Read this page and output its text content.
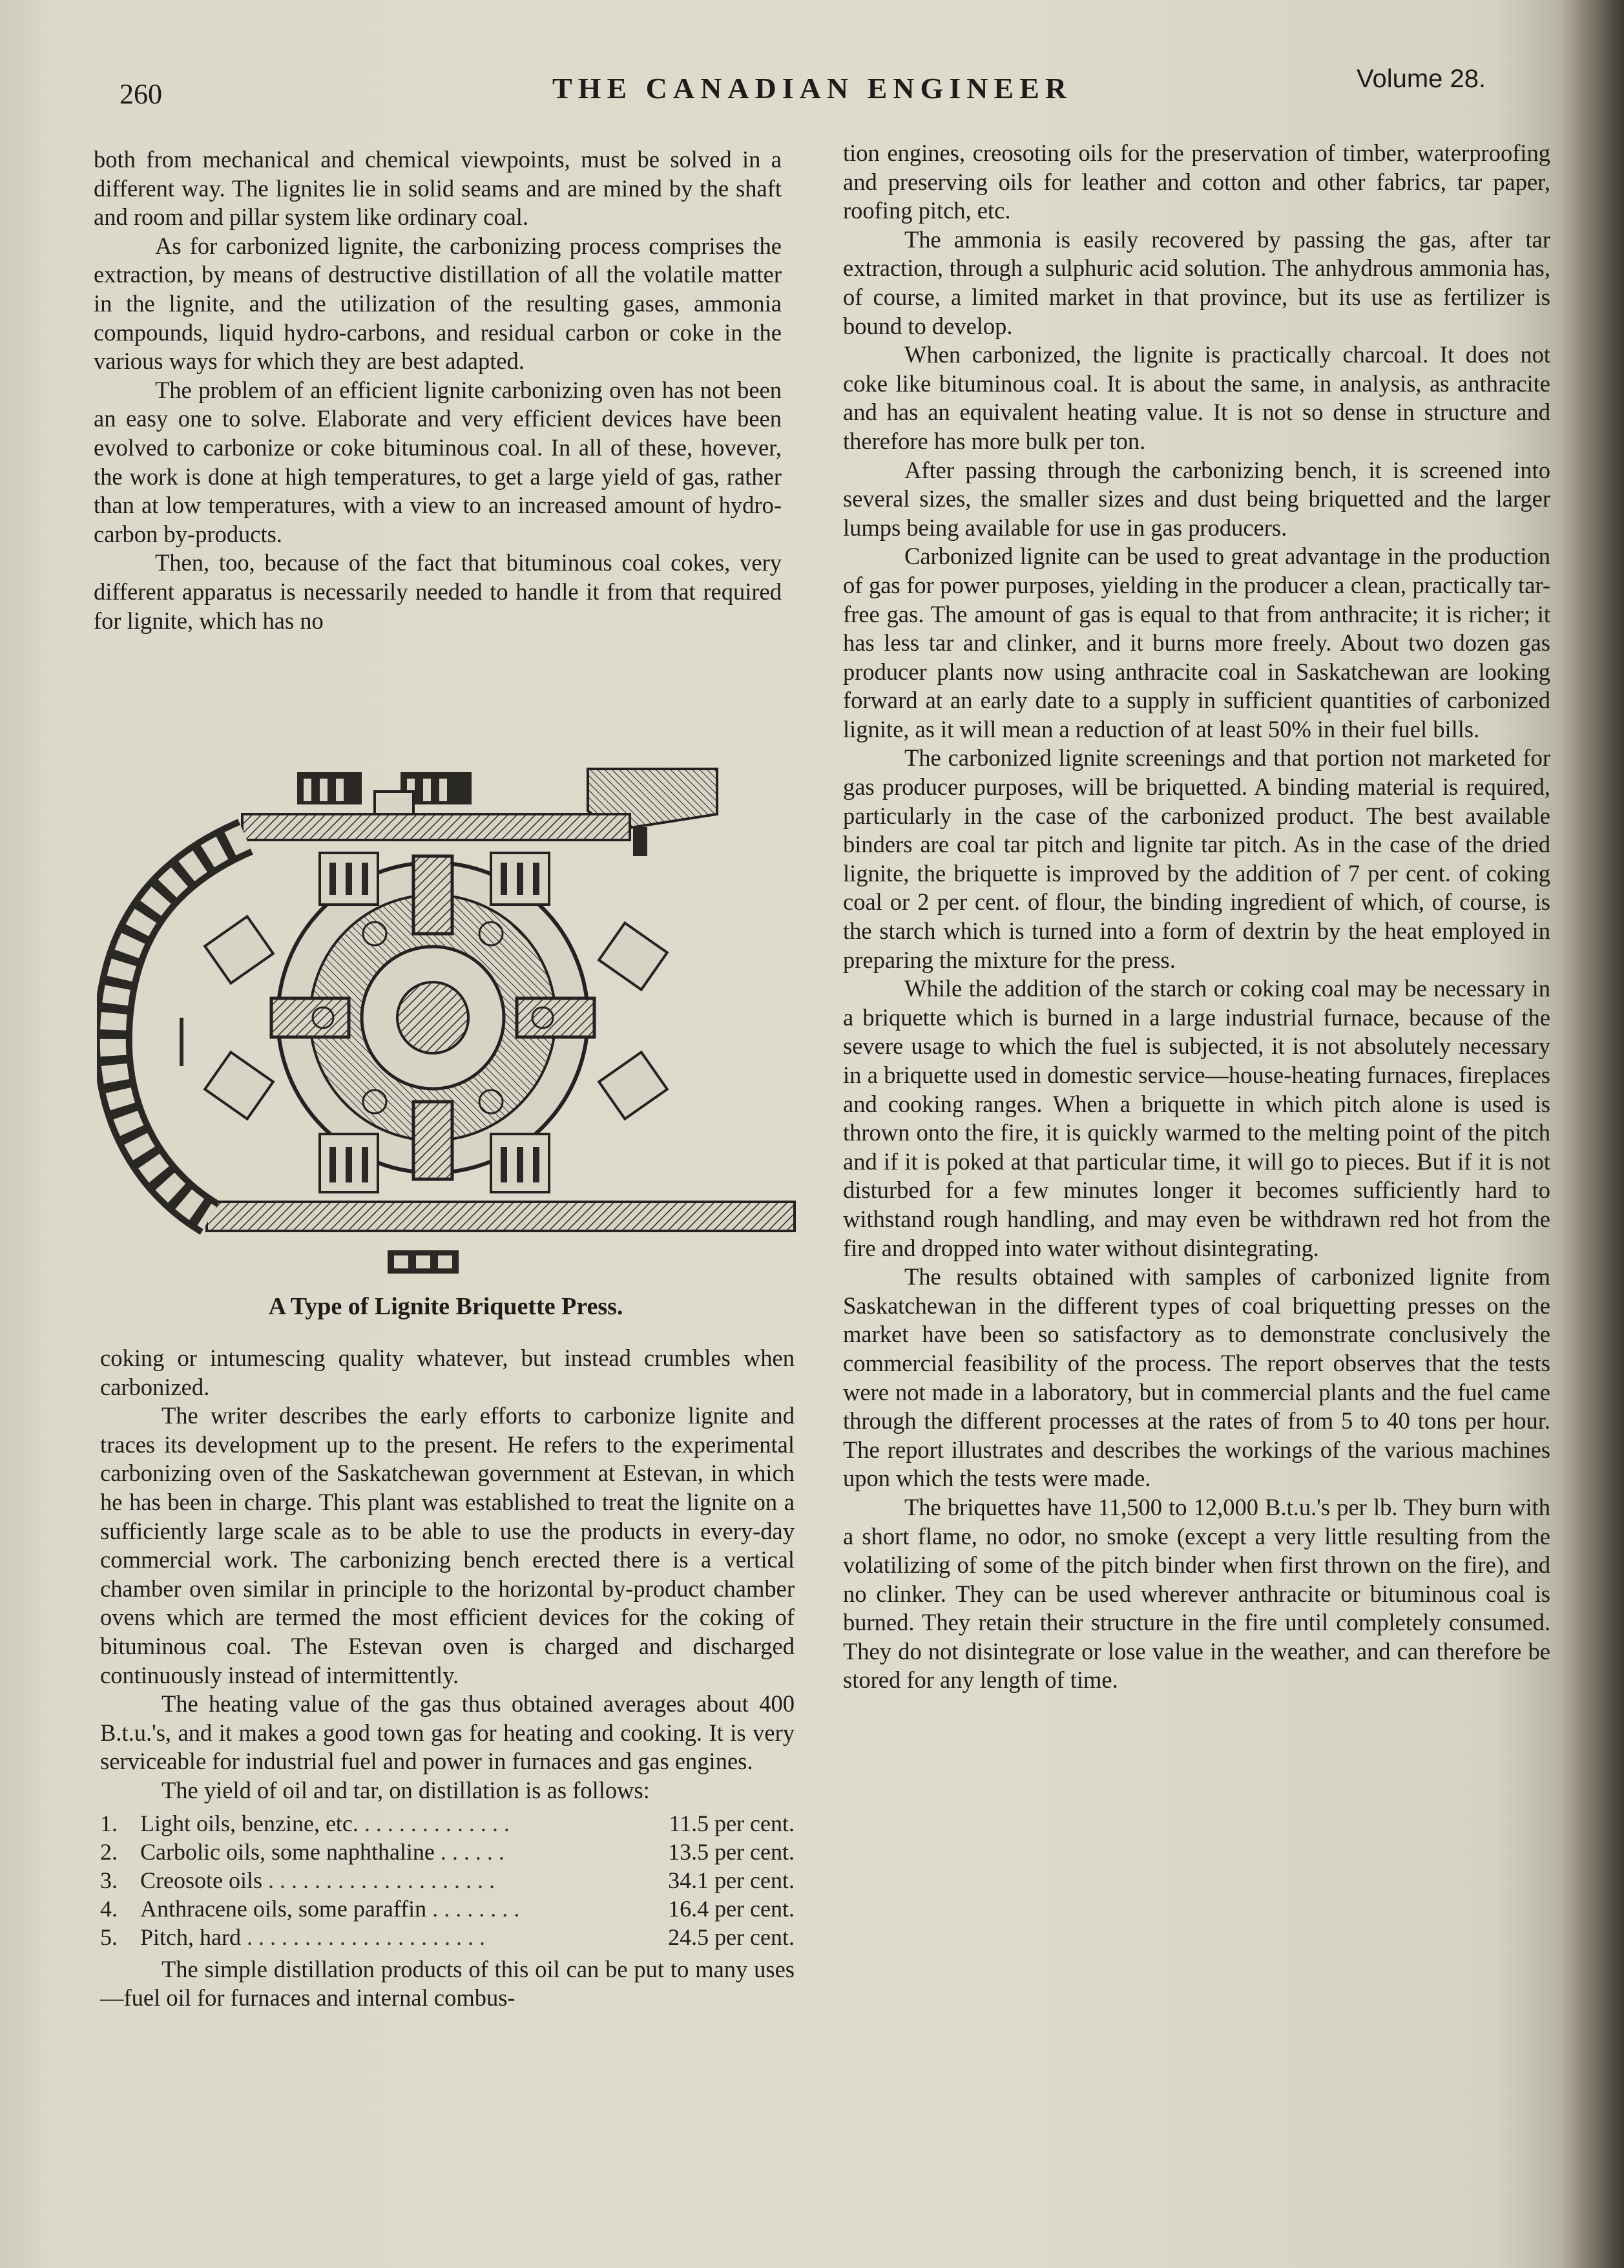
260	THE CANADIAN ENGINEER	Volume 28.

both from mechanical and chemical viewpoints, must be solved in a different way. The lignites lie in solid seams and are mined by the shaft and room and pillar system like ordinary coal.

As for carbonized lignite, the carbonizing process comprises the extraction, by means of destructive distillation of all the volatile matter in the lignite, and the utilization of the resulting gases, ammonia compounds, liquid hydro-carbons, and residual carbon or coke in the various ways for which they are best adapted.

The problem of an efficient lignite carbonizing oven has not been an easy one to solve. Elaborate and very efficient devices have been evolved to carbonize or coke bituminous coal. In all of these, hovever, the work is done at high temperatures, to get a large yield of gas, rather than at low temperatures, with a view to an increased amount of hydro-carbon by-products.

Then, too, because of the fact that bituminous coal cokes, very different apparatus is necessarily needed to handle it from that required for lignite, which has no

A Type of Lignite Briquette Press.

coking or intumescing quality whatever, but instead crumbles when carbonized.

The writer describes the early efforts to carbonize lignite and traces its development up to the present. He refers to the experimental carbonizing oven of the Saskatchewan government at Estevan, in which he has been in charge. This plant was established to treat the lignite on a sufficiently large scale as to be able to use the products in every-day commercial work. The carbonizing bench erected there is a vertical chamber oven similar in principle to the horizontal by-product chamber ovens which are termed the most efficient devices for the coking of bituminous coal. The Estevan oven is charged and discharged continuously instead of intermittently.

The heating value of the gas thus obtained averages about 400 B.t.u.'s, and it makes a good town gas for heating and cooking. It is very serviceable for industrial fuel and power in furnaces and gas engines.

The yield of oil and tar, on distillation is as follows:

1.	Light oils, benzine, etc. . . . . . . . . . . . . .	11.5 per cent.
2.	Carbolic oils, some naphthaline . . . . . .	13.5 per cent.
3.	Creosote oils . . . . . . . . . . . . . . . . . . . .	34.1 per cent.
4.	Anthracene oils, some paraffin . . . . . . . .	16.4 per cent.
5.	Pitch, hard . . . . . . . . . . . . . . . . . . . . .	24.5 per cent.

The simple distillation products of this oil can be put to many uses—fuel oil for furnaces and internal combus-

tion engines, creosoting oils for the preservation of timber, waterproofing and preserving oils for leather and cotton and other fabrics, tar paper, roofing pitch, etc.

The ammonia is easily recovered by passing the gas, after tar extraction, through a sulphuric acid solution. The anhydrous ammonia has, of course, a limited market in that province, but its use as fertilizer is bound to develop.

When carbonized, the lignite is practically charcoal. It does not coke like bituminous coal. It is about the same, in analysis, as anthracite and has an equivalent heating value. It is not so dense in structure and therefore has more bulk per ton.

After passing through the carbonizing bench, it is screened into several sizes, the smaller sizes and dust being briquetted and the larger lumps being available for use in gas producers.

Carbonized lignite can be used to great advantage in the production of gas for power purposes, yielding in the producer a clean, practically tar-free gas. The amount of gas is equal to that from anthracite; it is richer; it has less tar and clinker, and it burns more freely. About two dozen gas producer plants now using anthracite coal in Saskatchewan are looking forward at an early date to a supply in sufficient quantities of carbonized lignite, as it will mean a reduction of at least 50% in their fuel bills.

The carbonized lignite screenings and that portion not marketed for gas producer purposes, will be briquetted. A binding material is required, particularly in the case of the carbonized product. The best available binders are coal tar pitch and lignite tar pitch. As in the case of the dried lignite, the briquette is improved by the addition of 7 per cent. of coking coal or 2 per cent. of flour, the binding ingredient of which, of course, is the starch which is turned into a form of dextrin by the heat employed in preparing the mixture for the press.

While the addition of the starch or coking coal may be necessary in a briquette which is burned in a large industrial furnace, because of the severe usage to which the fuel is subjected, it is not absolutely necessary in a briquette used in domestic service—house-heating furnaces, fireplaces and cooking ranges. When a briquette in which pitch alone is used is thrown onto the fire, it is quickly warmed to the melting point of the pitch and if it is poked at that particular time, it will go to pieces. But if it is not disturbed for a few minutes longer it becomes sufficiently hard to withstand rough handling, and may even be withdrawn red hot from the fire and dropped into water without disintegrating.

The results obtained with samples of carbonized lignite from Saskatchewan in the different types of coal briquetting presses on the market have been so satisfactory as to demonstrate conclusively the commercial feasibility of the process. The report observes that the tests were not made in a laboratory, but in commercial plants and the fuel came through the different processes at the rates of from 5 to 40 tons per hour. The report illustrates and describes the workings of the various machines upon which the tests were made.

The briquettes have 11,500 to 12,000 B.t.u.'s per lb. They burn with a short flame, no odor, no smoke (except a very little resulting from the volatilizing of some of the pitch binder when first thrown on the fire), and no clinker. They can be used wherever anthracite or bituminous coal is burned. They retain their structure in the fire until completely consumed. They do not disintegrate or lose value in the weather, and can therefore be stored for any length of time.
